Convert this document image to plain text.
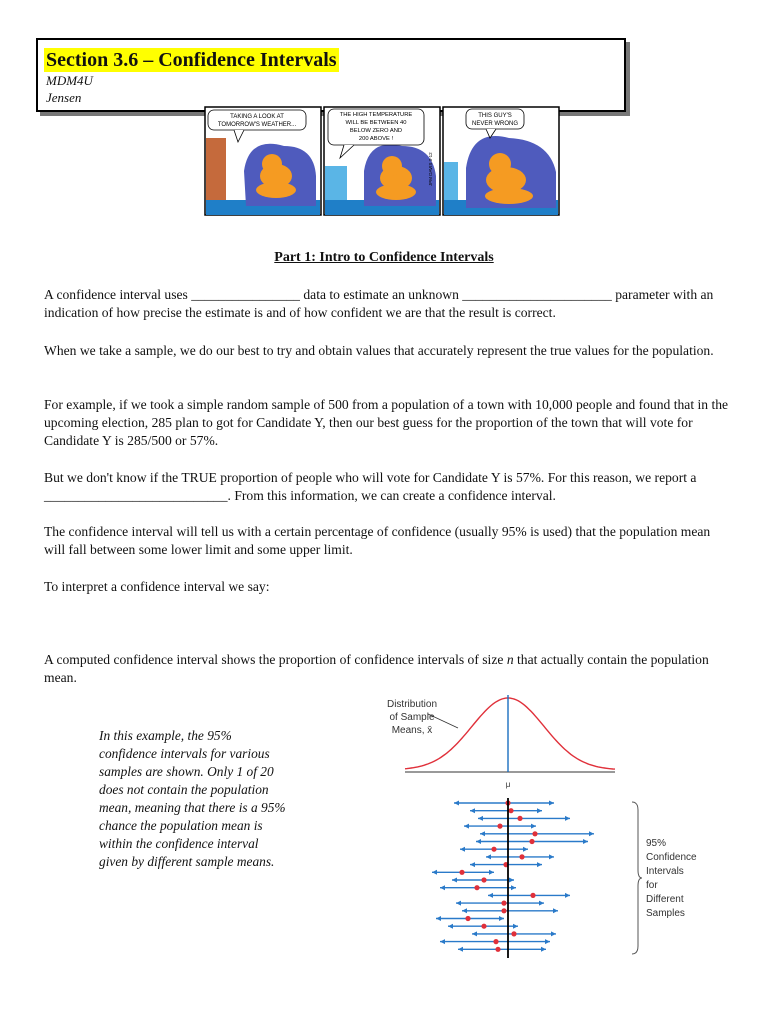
Section 3.6 – Confidence Intervals
MDM4U
Jensen
TAKING A LOOK AT
TOMORROW'S WEATHER...
THE HIGH TEMPERATURE
WILL BE BETWEEN 40
BELOW ZERO AND
200 ABOVE !
JPM DAVIS 3-12
THIS GUY'S
NEVER WRONG
Part 1: Intro to Confidence Intervals

A confidence interval uses ________________ data to estimate an unknown ______________________ parameter with an indication of how precise the estimate is and of how confident we are that the result is correct.

When we take a sample, we do our best to try and obtain values that accurately represent the true values for the population.

For example, if we took a simple random sample of 500 from a population of a town with 10,000 people and found that in the upcoming election, 285 plan to got for Candidate Y, then our best guess for the proportion of the town that will vote for Candidate Y is 285/500 or 57%.

But we don't know if the TRUE proportion of people who will vote for Candidate Y is 57%. For this reason, we report a ___________________________. From this information, we can create a confidence interval.

The confidence interval will tell us with a certain percentage of confidence (usually 95% is used) that the population mean will fall between some lower limit and some upper limit.

To interpret a confidence interval we say:

A computed confidence interval shows the proportion of confidence intervals of size n that actually contain the population mean.

In this example, the 95% confidence intervals for various samples are shown. Only 1 of 20 does not contain the population mean, meaning that there is a 95% chance the population mean is within the confidence interval given by different sample means.
Distribution
of Sample
Means, x̄
μ
95%
Confidence
Intervals
for
Different
Samples
